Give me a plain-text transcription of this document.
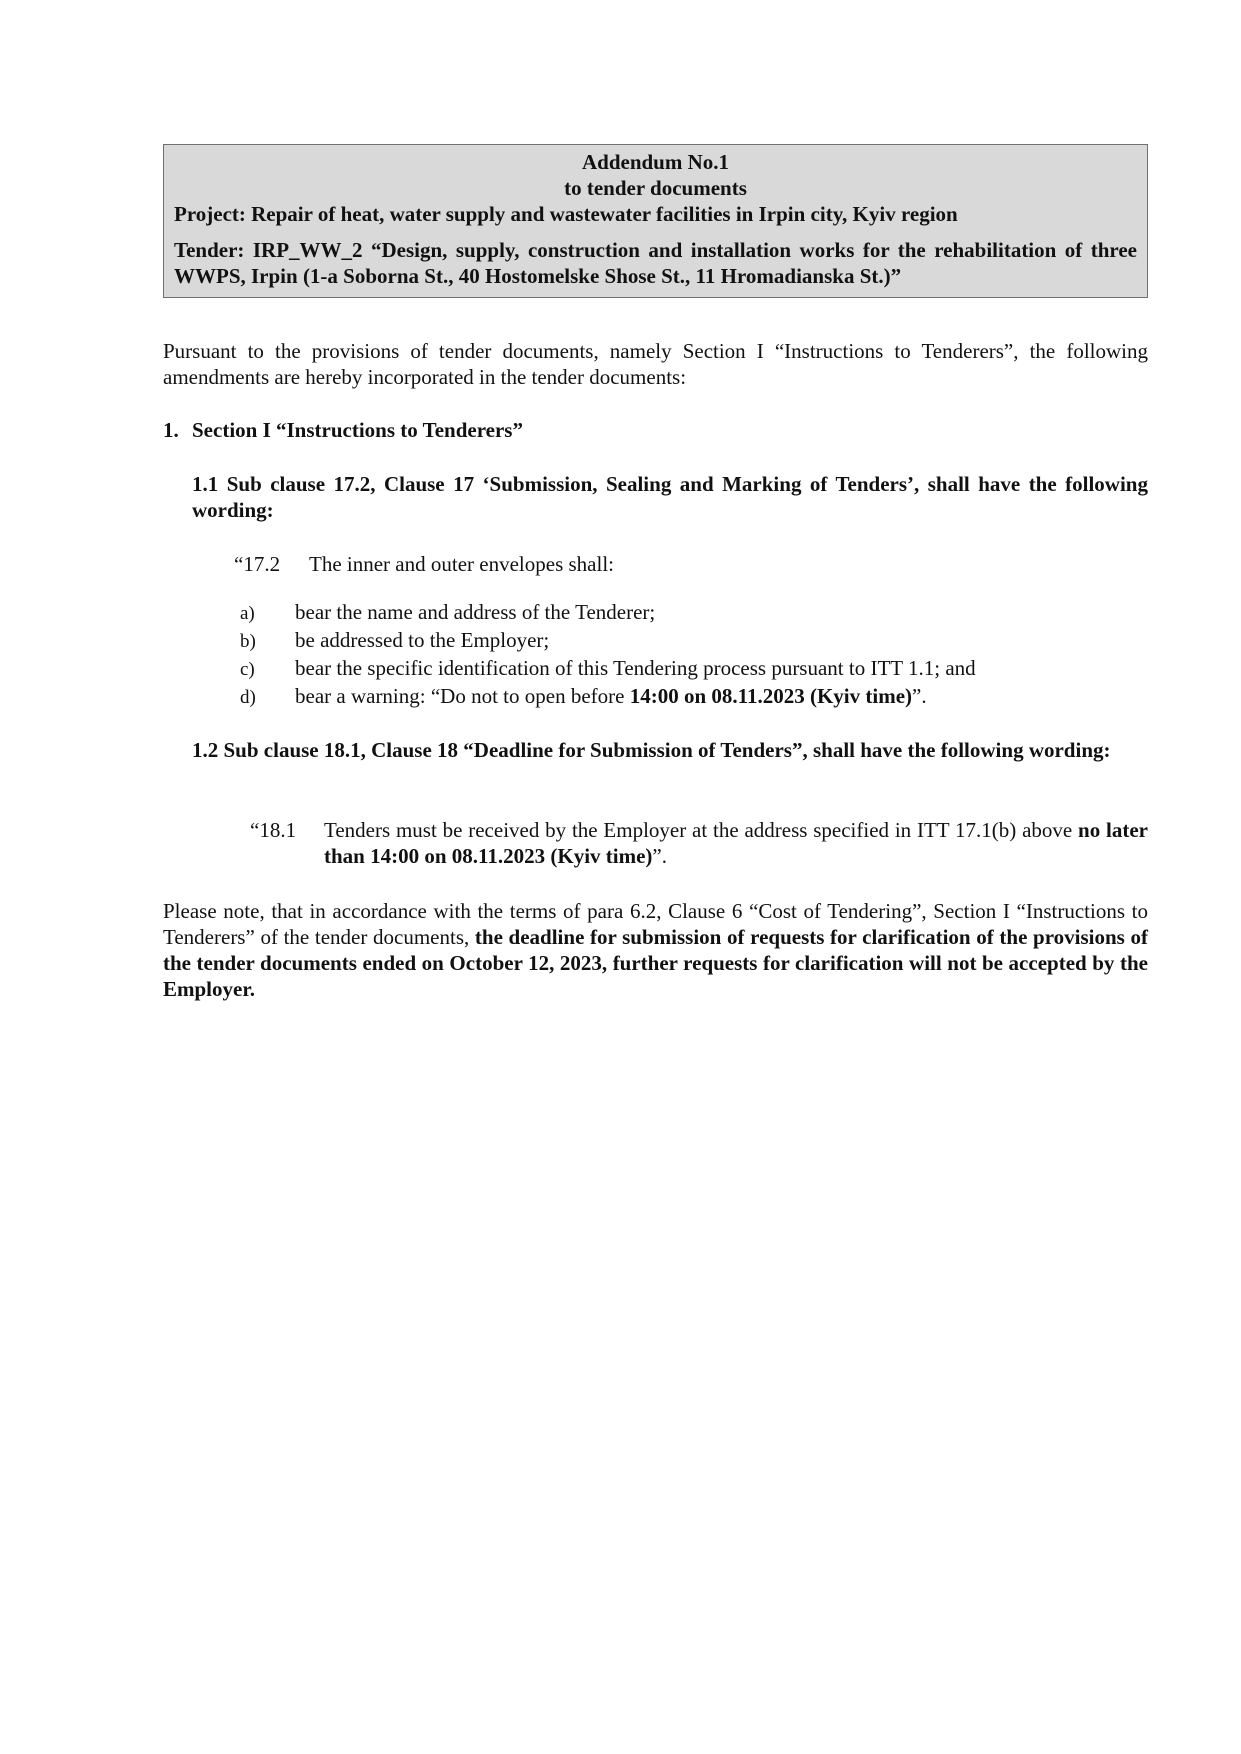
Addendum No.1
to tender documents
Project: Repair of heat, water supply and wastewater facilities in Irpin city, Kyiv region
Tender: IRP_WW_2 “Design, supply, construction and installation works for the rehabilitation of three WWPS, Irpin (1-a Soborna St., 40 Hostomelske Shose St., 11 Hromadianska St.)”
Pursuant to the provisions of tender documents, namely Section I “Instructions to Tenderers”, the following amendments are hereby incorporated in the tender documents:
1. Section I “Instructions to Tenderers”
1.1 Sub clause 17.2, Clause 17 ‘Submission, Sealing and Marking of Tenders’, shall have the following wording:
“17.2 The inner and outer envelopes shall:
a) bear the name and address of the Tenderer;
b) be addressed to the Employer;
c) bear the specific identification of this Tendering process pursuant to ITT 1.1; and
d) bear a warning: “Do not to open before 14:00 on 08.11.2023 (Kyiv time)”.
1.2 Sub clause 18.1, Clause 18 “Deadline for Submission of Tenders”, shall have the following wording:
“18.1 Tenders must be received by the Employer at the address specified in ITT 17.1(b) above no later than 14:00 on 08.11.2023 (Kyiv time)”.
Please note, that in accordance with the terms of para 6.2, Clause 6 “Cost of Tendering”, Section I “Instructions to Tenderers” of the tender documents, the deadline for submission of requests for clarification of the provisions of the tender documents ended on October 12, 2023, further requests for clarification will not be accepted by the Employer.
